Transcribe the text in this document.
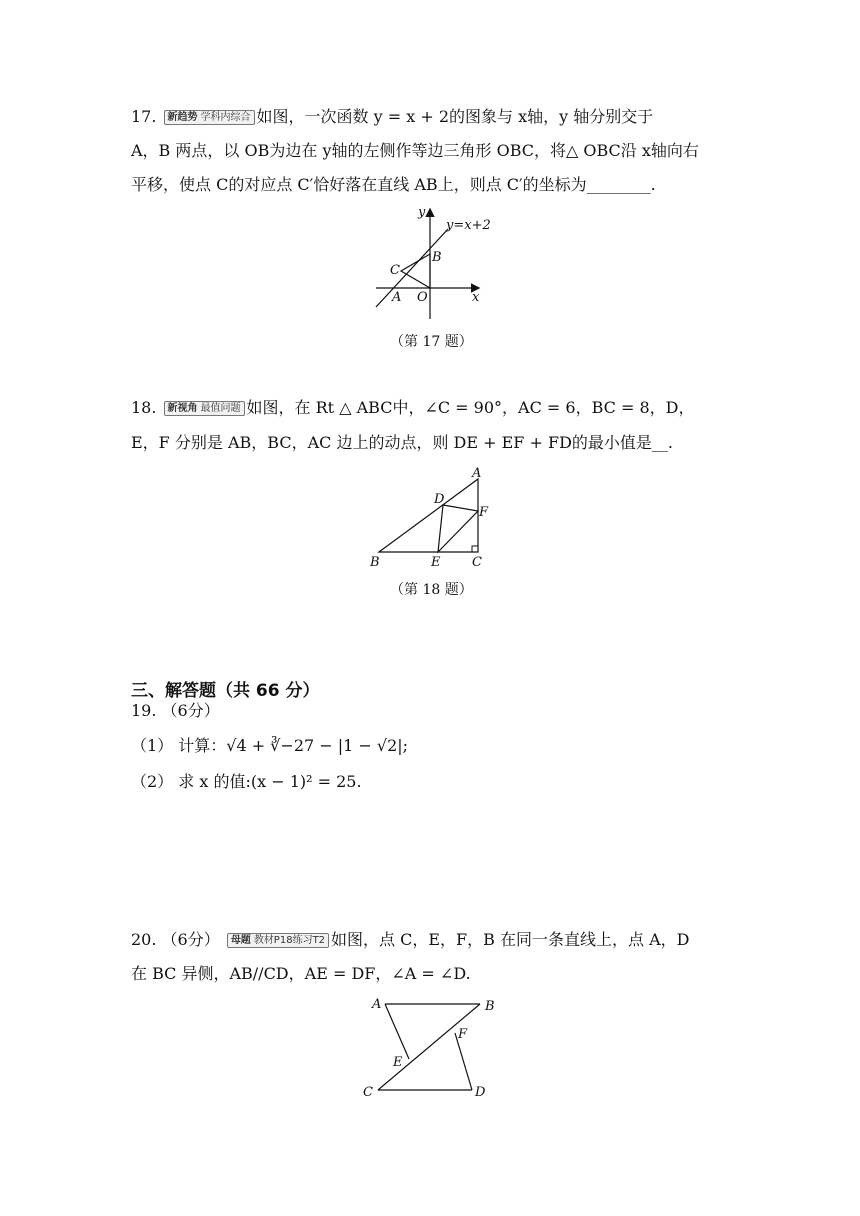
17. 新趋势 学科内综合 如图，一次函数 y = x + 2的图象与 x轴，y 轴分别交于
A，B 两点，以 OB为边在 y轴的左侧作等边三角形 OBC，将△ OBC沿 x轴向右
平移，使点 C的对应点 C′恰好落在直线 AB上，则点 C′的坐标为________.
y=x+2
y
x
A O
B
C
（第 17 题）
18. 新视角 最值问题 如图，在 Rt △ ABC中，∠C = 90°，AC = 6，BC = 8，D，
E，F 分别是 AB，BC，AC 边上的动点，则 DE + EF + FD的最小值是__.
A
B	C
D
E
F
（第 18 题）
三、解答题（共 66 分）
19. （6分）
（1） 计算：√4 + ∛−27 − |1 − √2|;
（2） 求 x 的值:(x − 1)² = 25.
20. （6分） 母题 教材P18练习T2 如图，点 C，E，F，B 在同一条直线上，点 A，D
在 BC 异侧，AB//CD，AE = DF，∠A = ∠D.
A	B
C	D
E
F
